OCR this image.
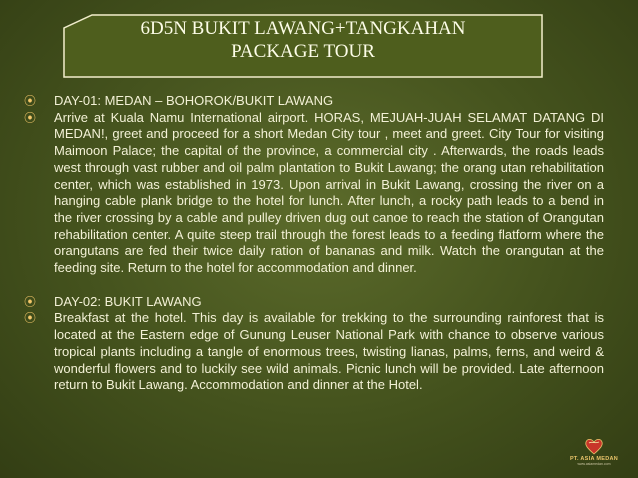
6D5N BUKIT LAWANG+TANGKAHAN
PACKAGE TOUR
⦿	DAY-01: MEDAN – BOHOROK/BUKIT LAWANG
⦿	Arrive at Kuala Namu International airport. HORAS, MEJUAH-JUAH SELAMAT DATANG DI MEDAN!, greet and proceed for a short Medan City tour , meet and greet. City Tour for visiting Maimoon Palace; the capital of the province, a commercial city . Afterwards, the roads leads west through vast rubber and oil palm plantation to Bukit Lawang; the orang utan rehabilitation center, which was established in 1973. Upon arrival in Bukit Lawang, crossing the river on a hanging cable plank bridge to the hotel for lunch. After lunch, a rocky path leads to a bend in the river crossing by a cable and pulley driven dug out canoe to reach the station of Orangutan rehabilitation center. A quite steep trail through the forest leads to a feeding flatform where the orangutans are fed their twice daily ration of bananas and milk. Watch the orangutan at the feeding site. Return to the hotel for accommodation and dinner.
⦿	DAY-02: BUKIT LAWANG
⦿	Breakfast at the hotel. This day is available for trekking to the surrounding rainforest that is located at the Eastern edge of Gunung Leuser National Park with chance to observe various tropical plants including a tangle of enormous trees, twisting lianas, palms, ferns, and weird & wonderful flowers and to luckily see wild animals. Picnic lunch will be provided. Late afternoon return to Bukit Lawang. Accommodation and dinner at the Hotel.
PT. ASIA MEDAN
www.asiamedan.com
